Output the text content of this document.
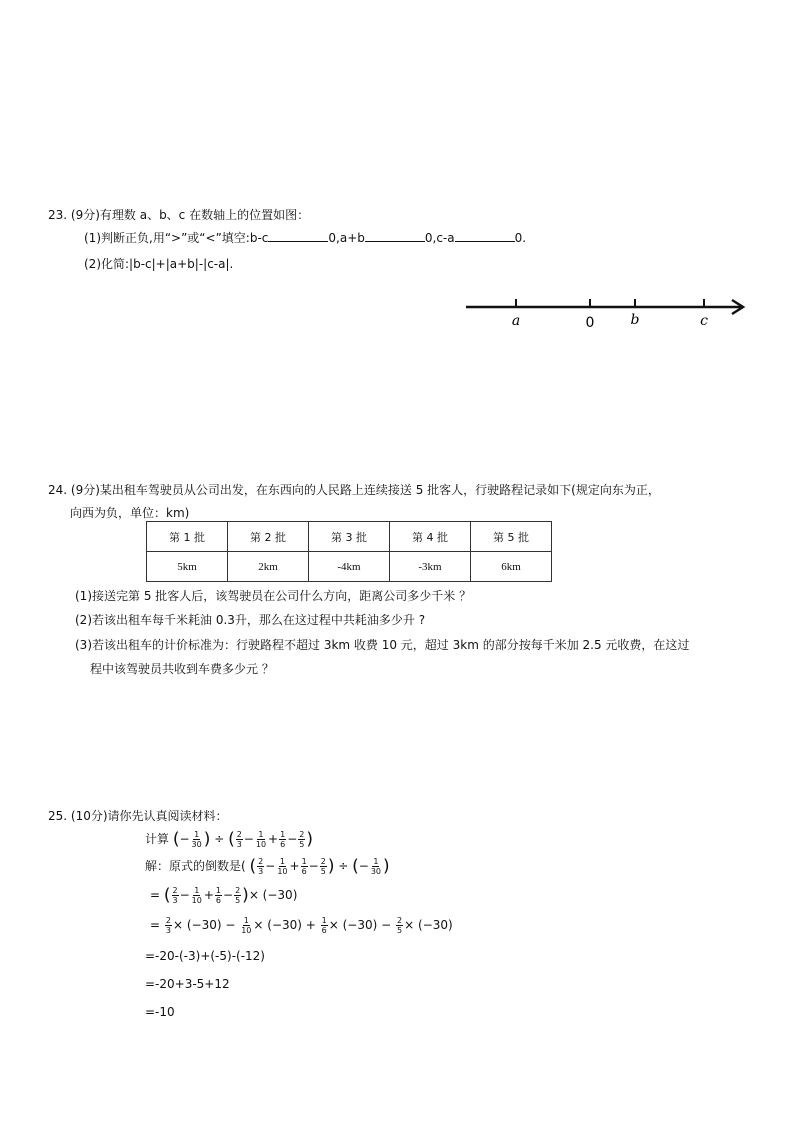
23. (9分)有理数 a、b、c 在数轴上的位置如图：
(1)判断正负,用“>”或“<”填空:b-c	0,a+b	0,c-a	0.
(2)化简:|b-c|+|a+b|-|c-a|.
a	0	b	c
24. (9分)某出租车驾驶员从公司出发，在东西向的人民路上连续接送 5 批客人，行驶路程记录如下(规定向东为正，
向西为负，单位：km)
第 1 批	第 2 批	第 3 批	第 4 批	第 5 批
5km	2km	-4km	-3km	6km
(1)接送完第 5 批客人后，该驾驶员在公司什么方向，距离公司多少千米 ？
(2)若该出租车每千米耗油 0.3升，那么在这过程中共耗油多少升 ?
(3)若该出租车的计价标准为：行驶路程不超过 3km 收费 10 元，超过 3km 的部分按每千米加 2.5 元收费，在这过
程中该驾驶员共收到车费多少元 ？
25. (10分)请你先认真阅读材料：
计算 (− $\frac{1}{30}$ ) ÷ ( $\frac{2}{3} - \frac{1}{10} + \frac{1}{6} - \frac{2}{5}$ )
解：原式的倒数是( ( $\frac{2}{3} - \frac{1}{10} + \frac{1}{6} - \frac{2}{5}$ ) ÷ (− $\frac{1}{30}$ )
= ( $\frac{2}{3} - \frac{1}{10} + \frac{1}{6} - \frac{2}{5}$ )× (−30)
= $\frac{2}{3} \times (-30) - \frac{1}{10} \times (-30) + \frac{1}{6} \times (-30) - \frac{2}{5} \times (-30)$
=-20-(-3)+(-5)-(-12)
=-20+3-5+12
=-10
